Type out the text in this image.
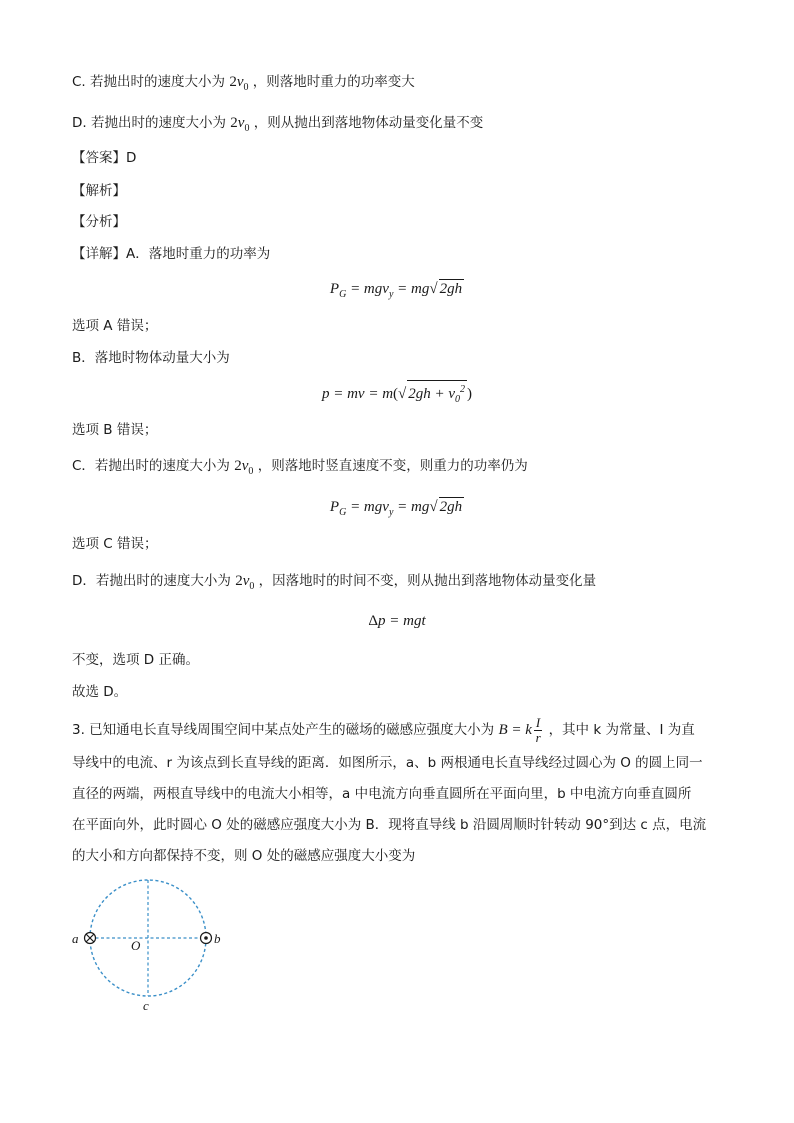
C. 若抛出时的速度大小为 $2v_0$ ，则落地时重力的功率变大
D. 若抛出时的速度大小为 $2v_0$ ，则从抛出到落地物体动量变化量不变
【答案】D
【解析】
【分析】
【详解】A．落地时重力的功率为
$P_G = mgv_y = mg√$ 2gh
选项 A 错误；
B．落地时物体动量大小为
p = mv = m(√ $2gh + v_0^2$ )
选项 B 错误；
C．若抛出时的速度大小为 $2v_0$ ，则落地时竖直速度不变，则重力的功率仍为
$P_G = mgv_y = mg√$ 2gh
选项 C 错误；
D．若抛出时的速度大小为 $2v_0$ ，因落地时的时间不变，则从抛出到落地物体动量变化量
Δp = mgt
不变，选项 D 正确。
故选 D。
3. 已知通电长直导线周围空间中某点处产生的磁场的磁感应强度大小为 B = k $\frac{I}{r}$ ，其中 k 为常量、I 为直
导线中的电流、r 为该点到长直导线的距离．如图所示，a、b 两根通电长直导线经过圆心为 O 的圆上同一
直径的两端，两根直导线中的电流大小相等，a 中电流方向垂直圆所在平面向里，b 中电流方向垂直圆所
在平面向外，此时圆心 O 处的磁感应强度大小为 B．现将直导线 b 沿圆周顺时针转动 90°到达 c 点，电流
的大小和方向都保持不变，则 O 处的磁感应强度大小变为
a	b
O
c
